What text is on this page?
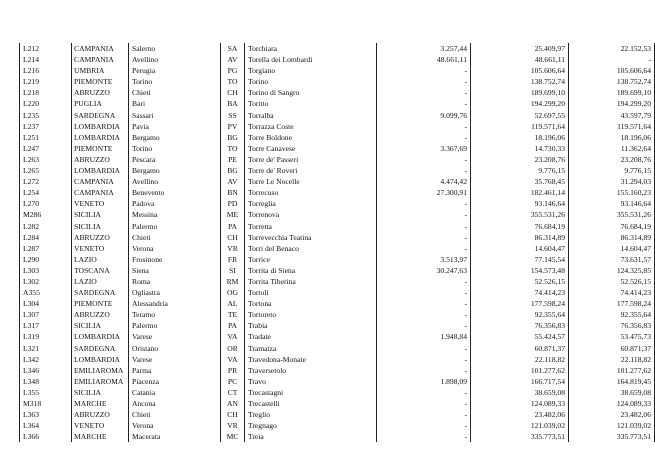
L212	CAMPANIA	Salerno	SA	Torchiara	3.257,44	25.409,97	22.152,53
L214	CAMPANIA	Avellino	AV	Torella dei Lombardi	48.661,11	48.661,11	-
L216	UMBRIA	Perugia	PG	Torgiano	-	105.606,64	105.606,64
L219	PIEMONTE	Torino	TO	Torino	-	138.752,74	138.752,74
L218	ABRUZZO	Chieti	CH	Torino di Sangro	-	189.699,10	189.699,10
L220	PUGLIA	Bari	BA	Toritto	-	194.299,20	194.299,20
L235	SARDEGNA	Sassari	SS	Torralba	9.099,76	52.697,55	43.597,79
L237	LOMBARDIA	Pavia	PV	Torrazza Coste	-	119.571,64	119.571,64
L251	LOMBARDIA	Bergamo	BG	Torre Boldone	-	18.196,06	18.196,06
L247	PIEMONTE	Torino	TO	Torre Canavese	3.367,69	14.730,33	11.362,64
L263	ABRUZZO	Pescara	PE	Torre de' Passeri	-	23.208,76	23.208,76
L265	LOMBARDIA	Bergamo	BG	Torre de' Roveri	-	9.776,15	9.776,15
L272	CAMPANIA	Avellino	AV	Torre Le Nocelle	4.474,42	35.768,45	31.294,03
L254	CAMPANIA	Benevento	BN	Torrecuso	27.300,91	182.461,14	155.160,23
L270	VENETO	Padova	PD	Torreglia	-	93.146,64	93.146,64
M286	SICILIA	Messina	ME	Torrenova	-	355.531,26	355.531,26
L282	SICILIA	Palermo	PA	Torretta	-	76.684,19	76.684,19
L284	ABRUZZO	Chieti	CH	Torrevecchia Teatina	-	86.314,89	86.314,89
L287	VENETO	Verona	VR	Torri del Benaco	-	14.604,47	14.604,47
L290	LAZIO	Frosinone	FR	Torrice	3.513,97	77.145,54	73.631,57
L303	TOSCANA	Siena	SI	Torrita di Siena	30.247,63	154.573,48	124.325,85
L302	LAZIO	Roma	RM	Torrita Tiberina	-	52.526,15	52.526,15
A355	SARDEGNA	Ogliastra	OG	Tortoli	-	74.414,23	74.414,23
L304	PIEMONTE	Alessandria	AL	Tortona	-	177.598,24	177.598,24
L307	ABRUZZO	Teramo	TE	Tortoreto	-	92.355,64	92.355,64
L317	SICILIA	Palermo	PA	Trabia	-	76.356,83	76.356,83
L319	LOMBARDIA	Varese	VA	Tradate	1.948,84	55.424,57	53.475,73
L321	SARDEGNA	Oristano	OR	Tramatza	-	60.871,37	60.871,37
L342	LOMBARDIA	Varese	VA	Travedona-Monate	-	22.118,82	22.118,82
L346	EMILIAROMA	Parma	PR	Traversetolo	-	101.277,62	101.277,62
L348	EMILIAROMA	Piacenza	PC	Travo	1.898,09	166.717,54	164.819,45
L355	SICILIA	Catania	CT	Trecastagni	-	38.659,08	38.659,08
M318	MARCHE	Ancona	AN	Trecastelli	-	124.089,33	124.089,33
L363	ABRUZZO	Chieti	CH	Treglio	-	23.482,06	23.482,06
L364	VENETO	Verona	VR	Tregnago	-	121.039,02	121.039,02
L366	MARCHE	Macerata	MC	Treia	-	335.773,51	335.773,51
